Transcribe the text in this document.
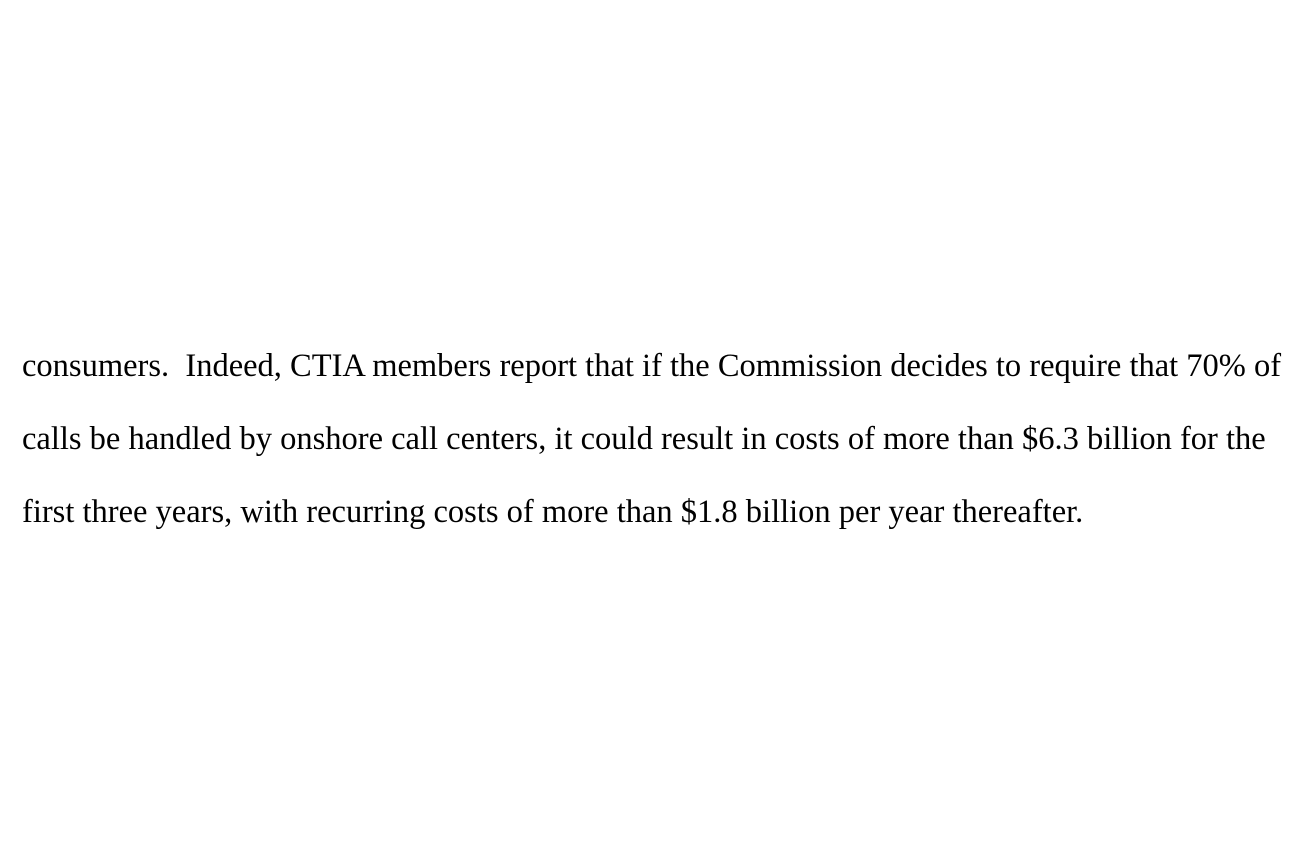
consumers.  Indeed, CTIA members report that if the Commission decides to require that 70% of
calls be handled by onshore call centers, it could result in costs of more than $6.3 billion for the
first three years, with recurring costs of more than $1.8 billion per year thereafter.
